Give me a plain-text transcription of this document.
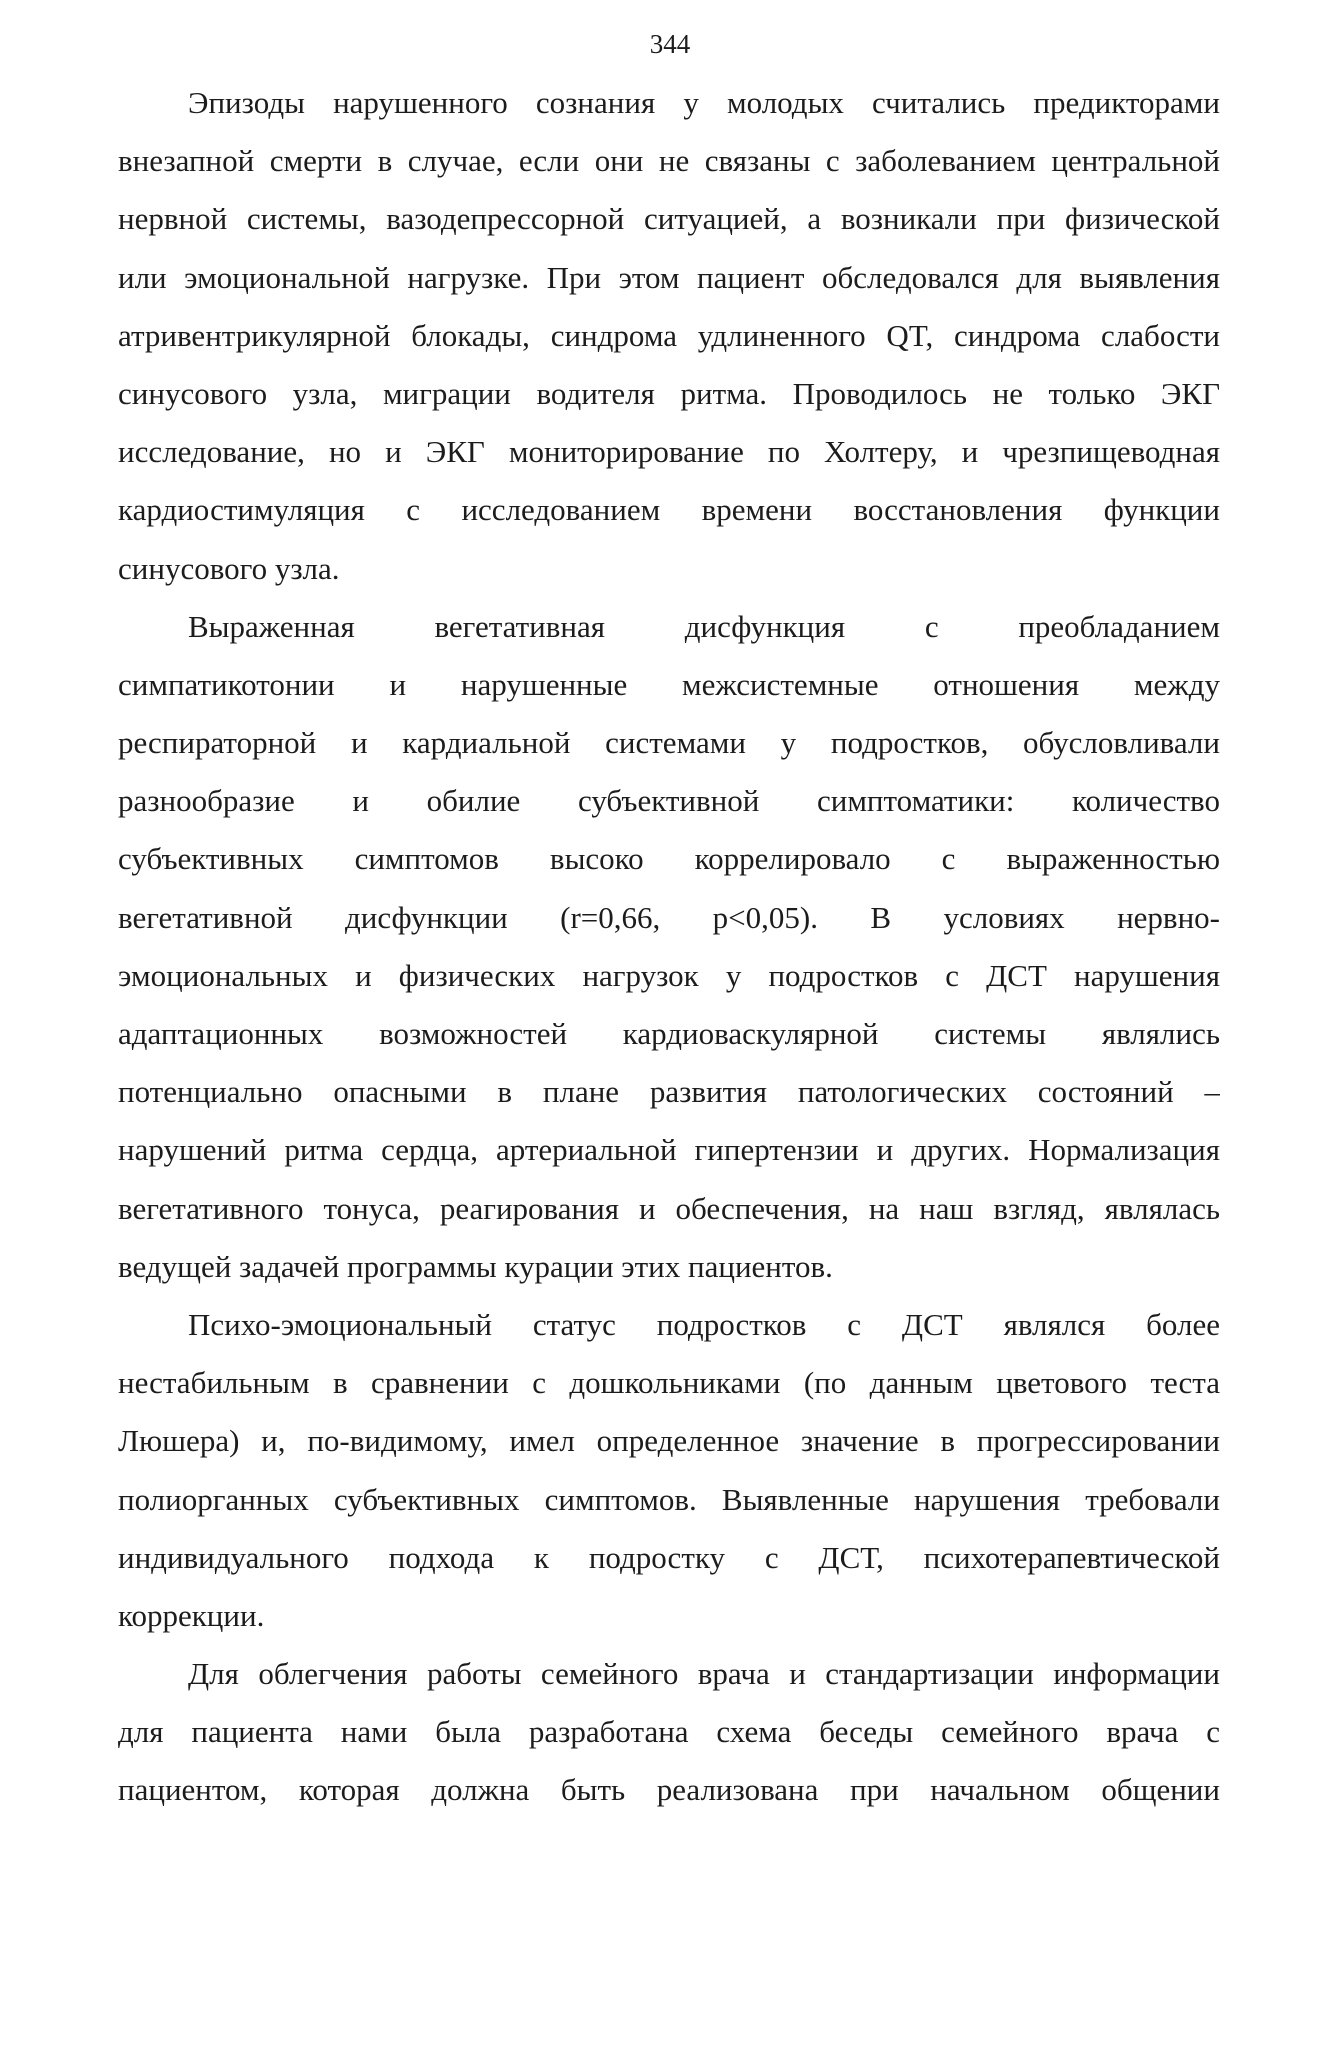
344
Эпизоды нарушенного сознания у молодых считались предикторами
внезапной смерти в случае, если они не связаны с заболеванием центральной
нервной системы, вазодепрессорной ситуацией, а возникали при физической
или эмоциональной нагрузке. При этом пациент обследовался для выявления
атривентрикулярной блокады, синдрома удлиненного QT, синдрома слабости
синусового узла, миграции водителя ритма. Проводилось не только ЭКГ
исследование, но и ЭКГ мониторирование по Холтеру, и чрезпищеводная
кардиостимуляция с исследованием времени восстановления функции
синусового узла.
Выраженная вегетативная дисфункция с преобладанием
симпатикотонии и нарушенные межсистемные отношения между
респираторной и кардиальной системами у подростков, обусловливали
разнообразие и обилие субъективной симптоматики: количество
субъективных симптомов высоко коррелировало с выраженностью
вегетативной дисфункции (r=0,66, p<0,05). В условиях нервно-
эмоциональных и физических нагрузок у подростков с ДСТ нарушения
адаптационных возможностей кардиоваскулярной системы являлись
потенциально опасными в плане развития патологических состояний –
нарушений ритма сердца, артериальной гипертензии и других. Нормализация
вегетативного тонуса, реагирования и обеспечения, на наш взгляд, являлась
ведущей задачей программы курации этих пациентов.
Психо-эмоциональный статус подростков с ДСТ являлся более
нестабильным в сравнении с дошкольниками (по данным цветового теста
Люшера) и, по-видимому, имел определенное значение в прогрессировании
полиорганных субъективных симптомов. Выявленные нарушения требовали
индивидуального подхода к подростку с ДСТ, психотерапевтической
коррекции.
Для облегчения работы семейного врача и стандартизации информации
для пациента нами была разработана схема беседы семейного врача с
пациентом, которая должна быть реализована при начальном общении
